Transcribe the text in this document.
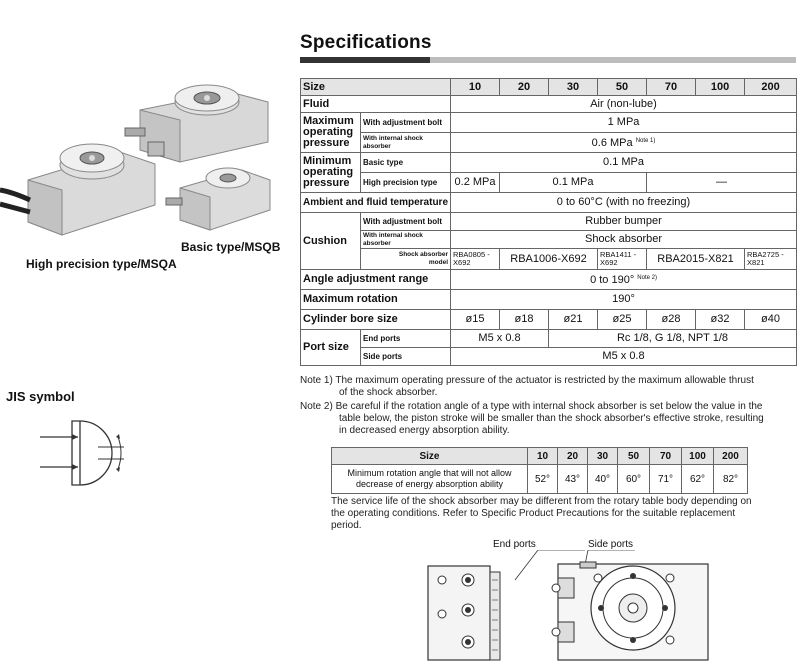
Basic type/MSQB
High precision type/MSQA
JIS symbol
Specifications
Size		10	20	30	50	70	100	200
Fluid		Air (non-lube)						
Maximum
operating
pressure	With adjustment bolt	1 MPa						
	With internal shock absorber	0.6 MPa $^{Note 1)}$
Minimum
operating
pressure	Basic type	0.1 MPa						
	High precision type	0.2 MPa	0.1 MPa			—		
Ambient and fluid temperature		0 to 60°C (with no freezing)						
Cushion	With adjustment bolt	Rubber bumper						
	With internal shock absorber	Shock absorber						
	Shock absorber
model	RBA0805 -X692	RBA1006-X692		RBA1411 -X692	RBA2015-X821		RBA2725 -X821
Angle adjustment range		0 to 190° $^{Note 2)}$
Maximum rotation		190°						
Cylinder bore size		ø15	ø18	ø21	ø25	ø28	ø32	ø40
Port size	End ports	M5 x 0.8		Rc 1/8, G 1/8, NPT 1/8				
	Side ports	M5 x 0.8						
Note 1) The maximum operating pressure of the actuator is restricted by the maximum allowable thrust
of the shock absorber.
Note 2) Be careful if the rotation angle of a type with internal shock absorber is set below the value in the
table below, the piston stroke will be smaller than the shock absorber's effective stroke, resulting
in decreased energy absorption ability.
Size	10	20	30	50	70	100	200
Minimum rotation angle that will not allow
decrease of energy absorption ability	52°	43°	40°	60°	71°	62°	82°
The service life of the shock absorber may be different from the rotary table body depending on
the operating conditions. Refer to Specific Product Precautions for the suitable replacement
period.
End ports	Side ports
